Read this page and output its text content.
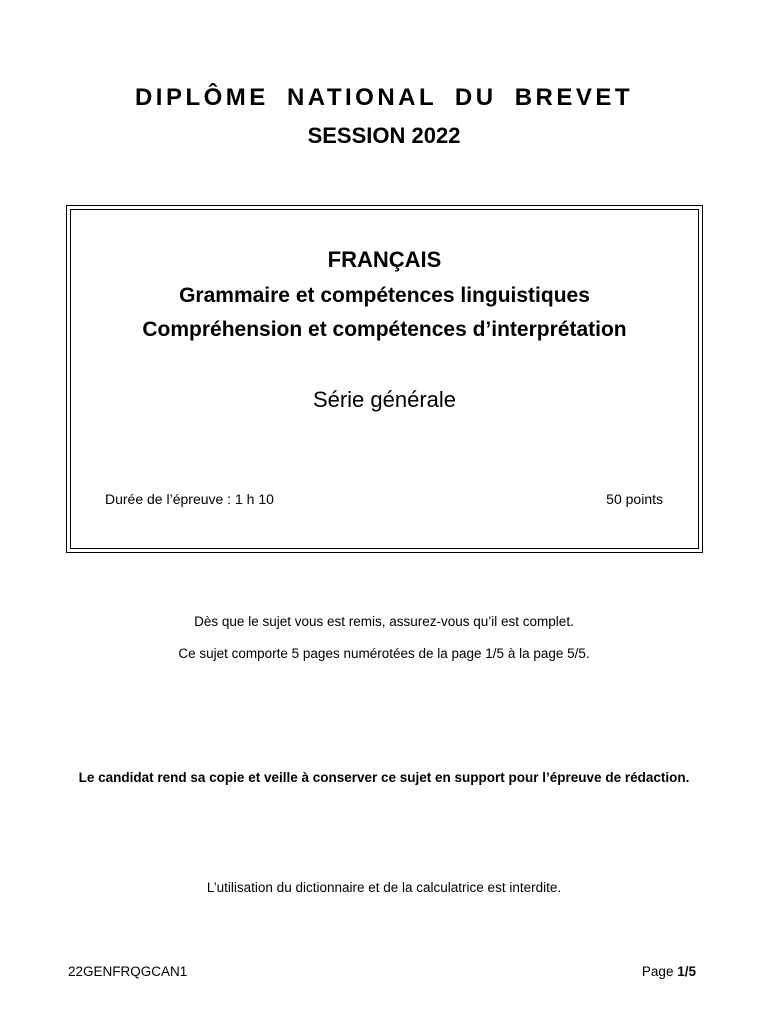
DIPLÔME NATIONAL DU BREVET
SESSION 2022
FRANÇAIS
Grammaire et compétences linguistiques
Compréhension et compétences d’interprétation
Série générale
Durée de l’épreuve : 1 h 10	50 points
Dès que le sujet vous est remis, assurez-vous qu’il est complet.
Ce sujet comporte 5 pages numérotées de la page 1/5 à la page 5/5.
Le candidat rend sa copie et veille à conserver ce sujet en support pour l’épreuve de rédaction.
L’utilisation du dictionnaire et de la calculatrice est interdite.
22GENFRQGCAN1	Page 1/5
